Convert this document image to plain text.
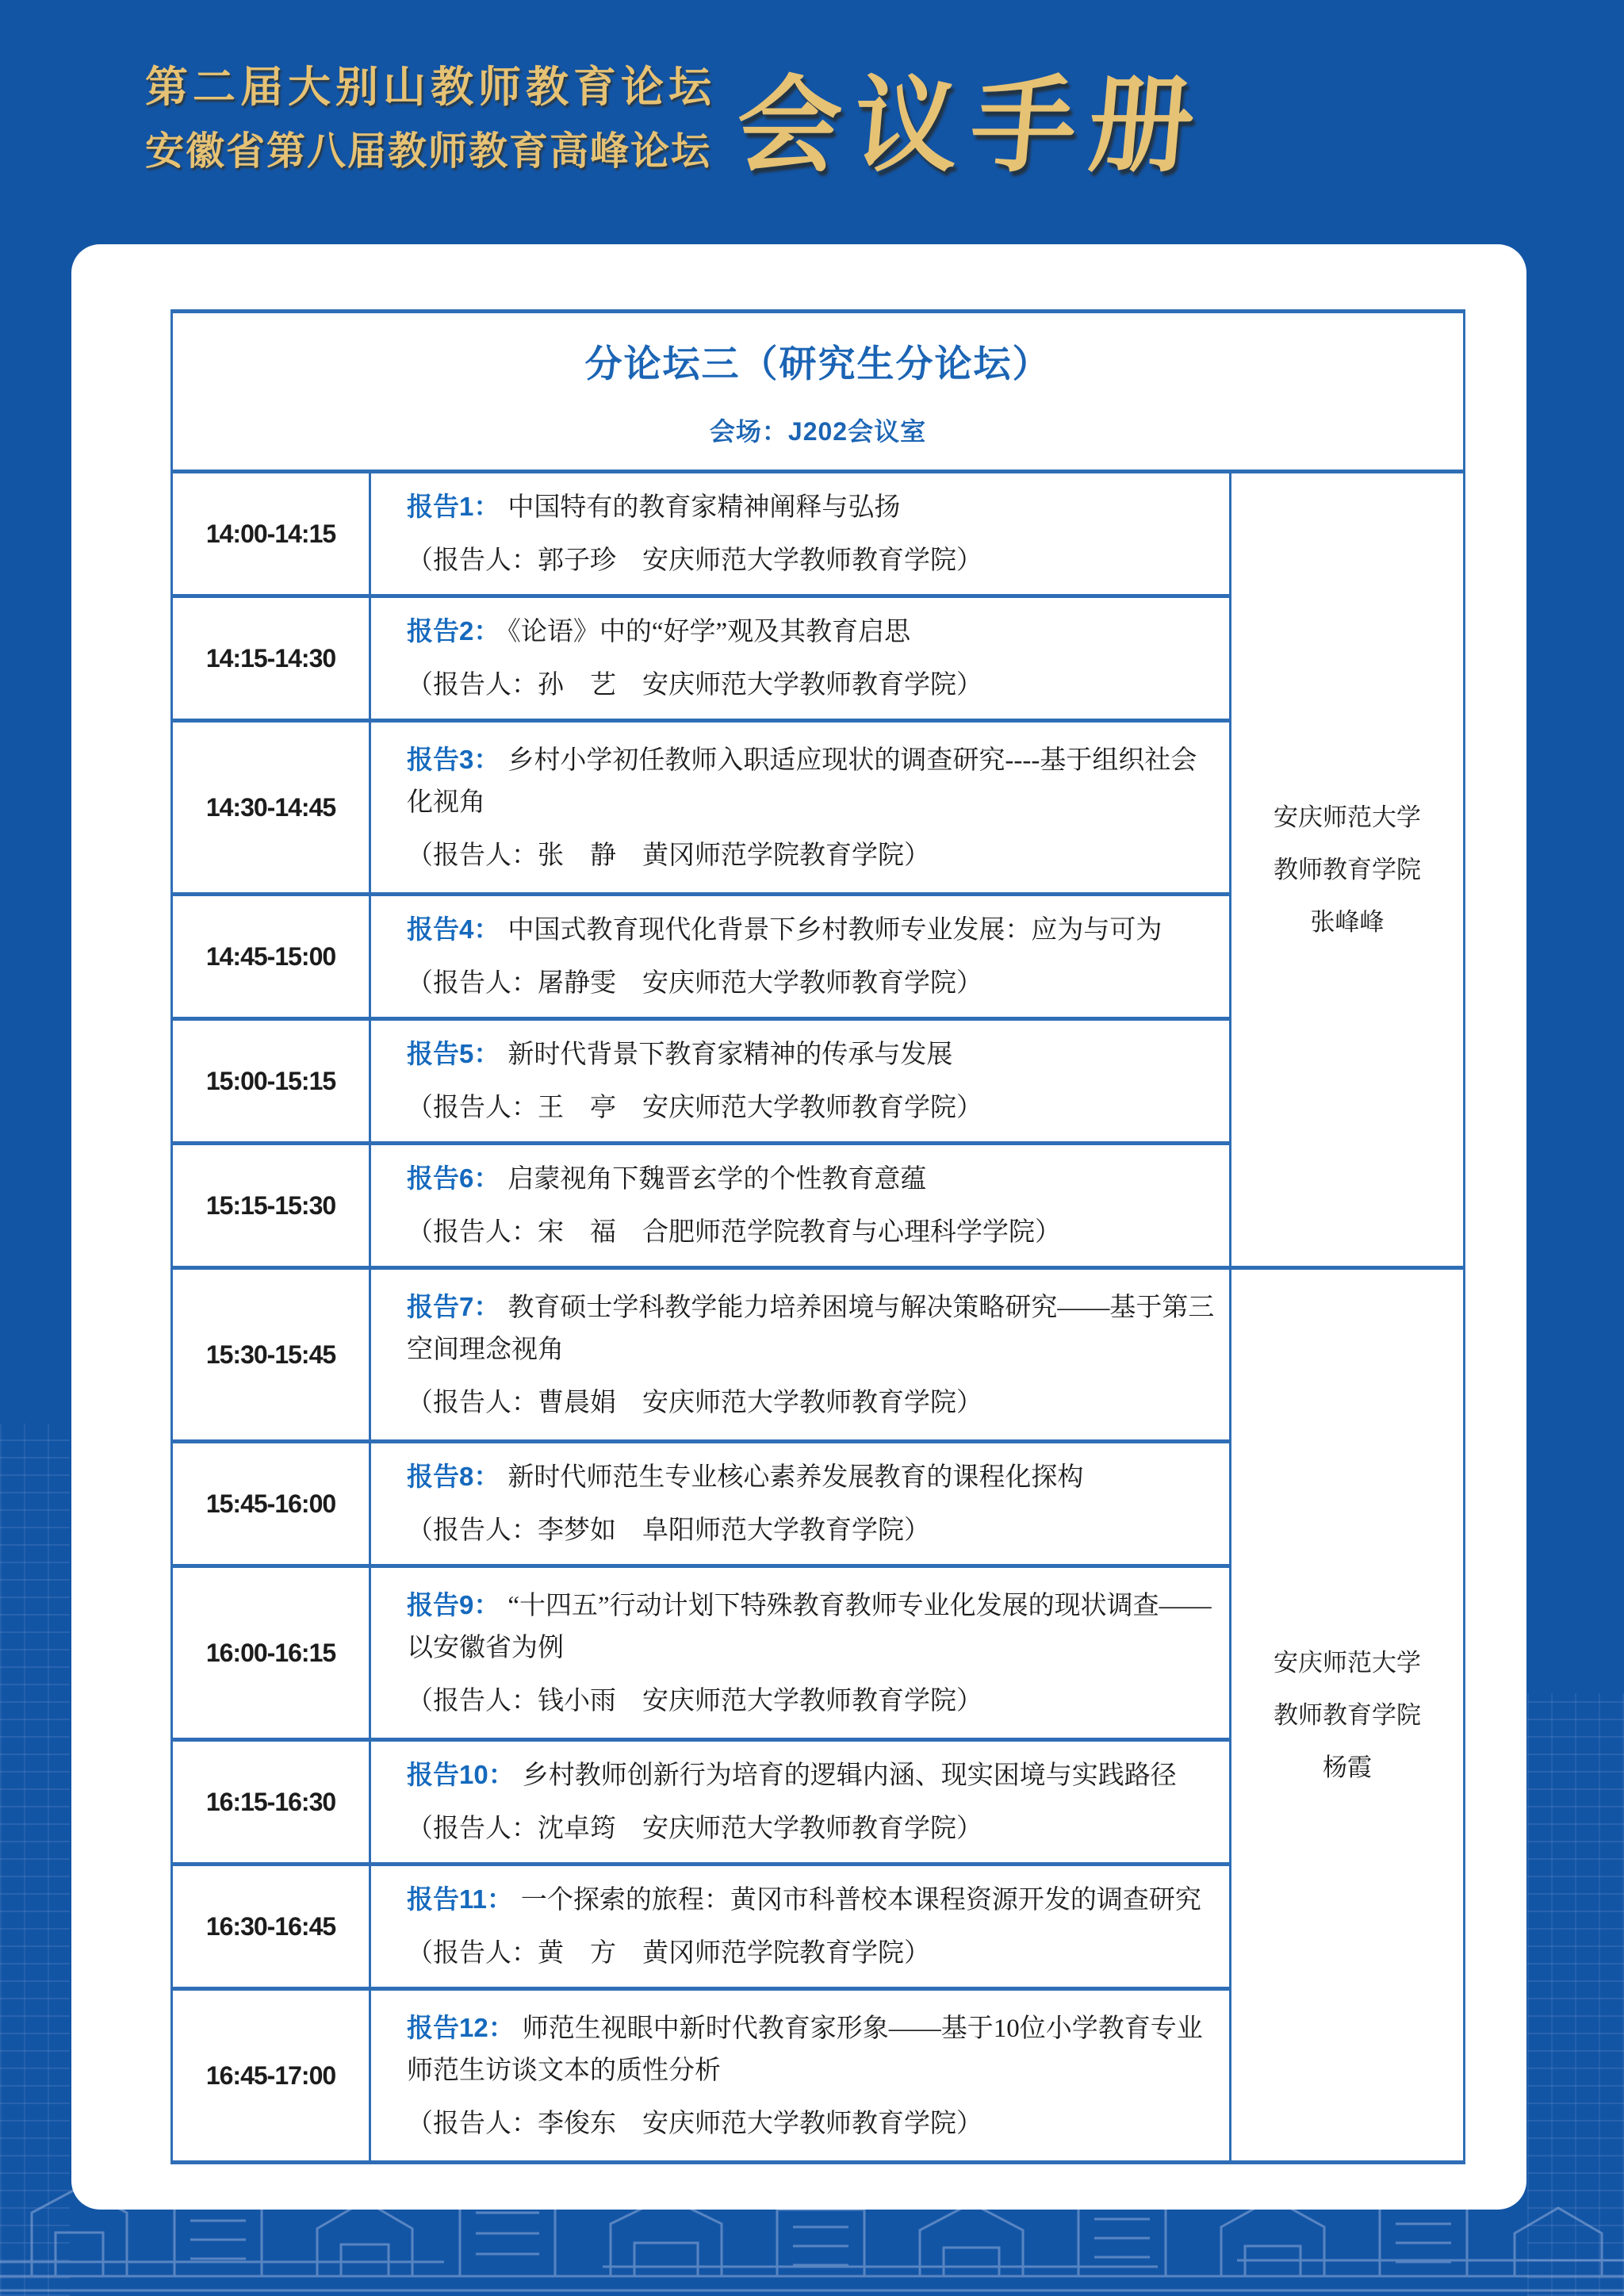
第二届大别山教师教育论坛
安徽省第八届教师教育高峰论坛 会议手册
分论坛三（研究生分论坛）
会场：J202会议室		

14:00-14:15	
报告1： 中国特有的教育家精神阐释与弘扬
（报告人：郭子珍　安庆师范大学教师教育学院）

安庆师范大学
教师教育学院
张峰峰

14:15-14:30	报告2： 《论语》中的“好学”观及其教育启思
（报告人：孙　艺　安庆师范大学教师教育学院）	

14:30-14:45	报告3： 乡村小学初任教师入职适应现状的调查研究----基于组织社会化视角
（报告人：张　静　黄冈师范学院教育学院）	

14:45-15:00	报告4： 中国式教育现代化背景下乡村教师专业发展：应为与可为
（报告人：屠静雯　安庆师范大学教师教育学院）	

15:00-15:15	报告5： 新时代背景下教育家精神的传承与发展
（报告人：王　亭　安庆师范大学教师教育学院）	

15:15-15:30	报告6： 启蒙视角下魏晋玄学的个性教育意蕴
（报告人：宋　福　合肥师范学院教育与心理科学学院）	

15:30-15:45	
报告7： 教育硕士学科教学能力培养困境与解决策略研究——基于第三空间理念视角
（报告人：曹晨娟　安庆师范大学教师教育学院）

安庆师范大学
教师教育学院
杨霞

15:45-16:00	报告8： 新时代师范生专业核心素养发展教育的课程化探构
（报告人：李梦如　阜阳师范大学教育学院）	

16:00-16:15	报告9： “十四五”行动计划下特殊教育教师专业化发展的现状调查——以安徽省为例
（报告人：钱小雨　安庆师范大学教师教育学院）	

16:15-16:30	报告10： 乡村教师创新行为培育的逻辑内涵、现实困境与实践路径
（报告人：沈卓筠　安庆师范大学教师教育学院）	

16:30-16:45	报告11： 一个探索的旅程：黄冈市科普校本课程资源开发的调查研究
（报告人：黄　方　黄冈师范学院教育学院）	

16:45-17:00	报告12： 师范生视眼中新时代教育家形象——基于10位小学教育专业师范生访谈文本的质性分析
（报告人：李俊东　安庆师范大学教师教育学院）	
